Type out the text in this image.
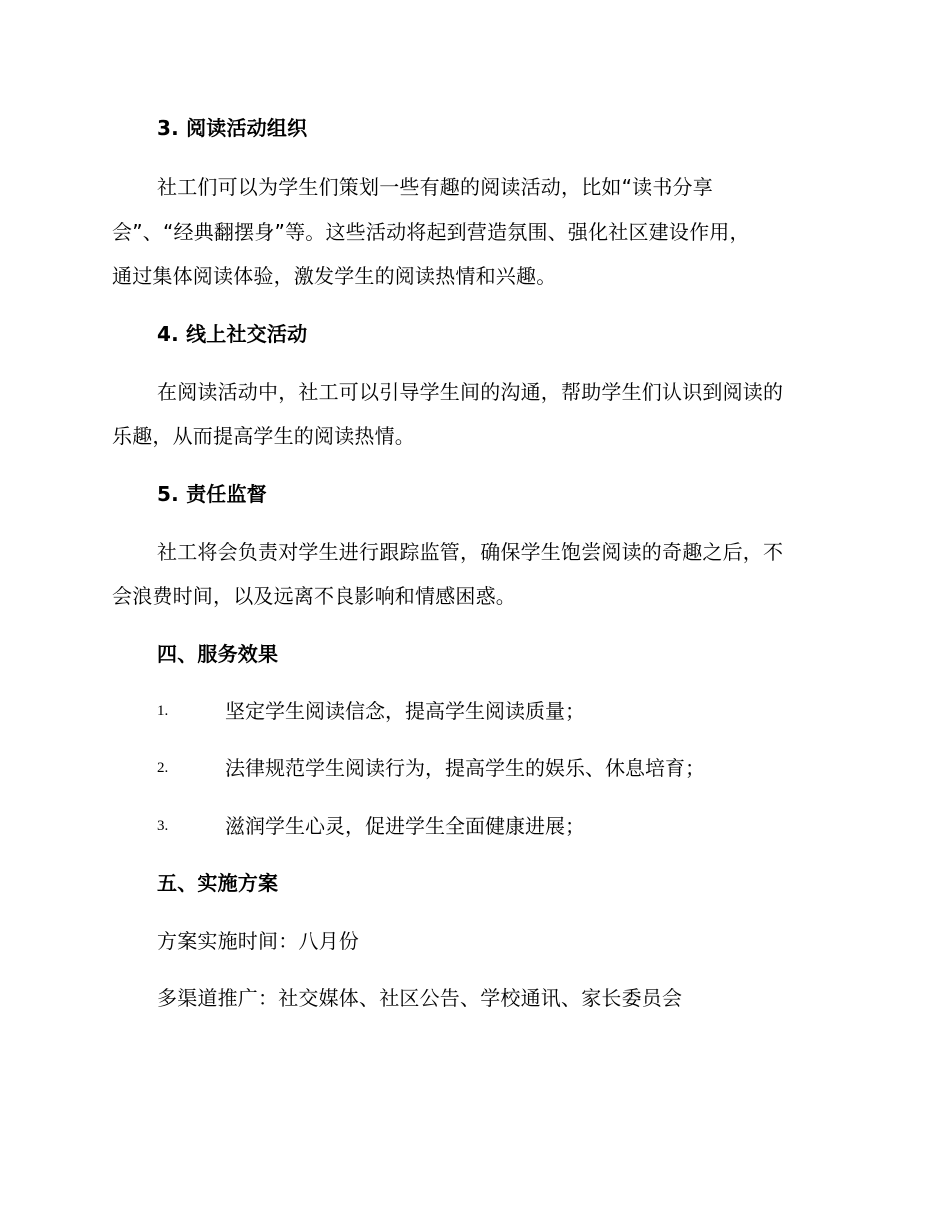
3. 阅读活动组织
社工们可以为学生们策划一些有趣的阅读活动，比如“读书分享
会”、“经典翻摆身”等。这些活动将起到营造氛围、强化社区建设作用，
通过集体阅读体验，激发学生的阅读热情和兴趣。
4. 线上社交活动
在阅读活动中，社工可以引导学生间的沟通，帮助学生们认识到阅读的
乐趣，从而提高学生的阅读热情。
5. 责任监督
社工将会负责对学生进行跟踪监管，确保学生饱尝阅读的奇趣之后，不
会浪费时间，以及远离不良影响和情感困惑。
四、服务效果
1.	坚定学生阅读信念，提高学生阅读质量；
2.	法律规范学生阅读行为，提高学生的娱乐、休息培育；
3.	滋润学生心灵，促进学生全面健康进展；
五、实施方案
方案实施时间：八月份
多渠道推广：社交媒体、社区公告、学校通讯、家长委员会
